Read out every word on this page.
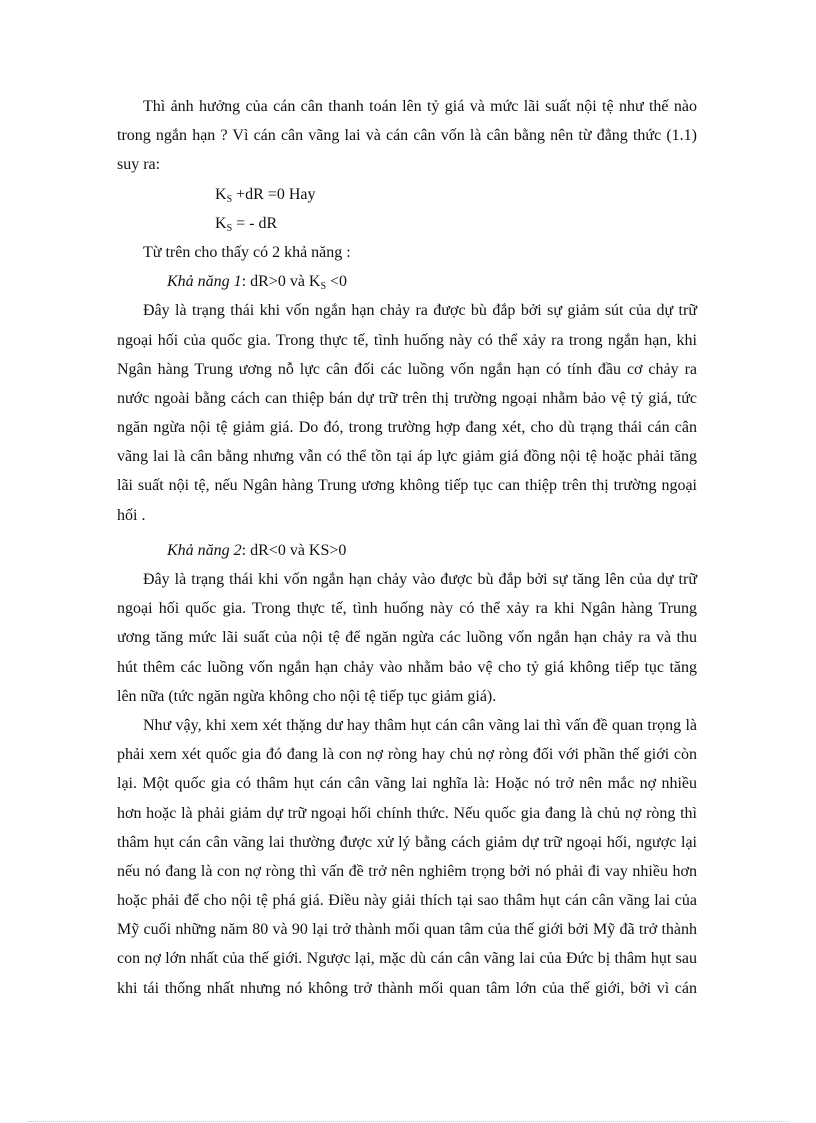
Thì ảnh hưởng của cán cân thanh toán lên tỷ giá và mức lãi suất nội tệ như thế nào
trong ngắn hạn ? Vì cán cân vãng lai và cán cân vốn là cân bằng nên từ đẳng thức (1.1)
suy ra:
$K_S +dR =0$ Hay
$K_S$ = - dR
Từ trên cho thấy có 2 khả năng :
Khả năng 1: dR>0 và $K_S <0$
Đây là trạng thái khi vốn ngắn hạn chảy ra được bù đắp bởi sự giảm sút của dự trữ
ngoại hối của quốc gia. Trong thực tế, tình huống này có thể xảy ra trong ngắn hạn, khi
Ngân hàng Trung ương nỗ lực cân đối các luồng vốn ngắn hạn có tính đầu cơ chảy ra
nước ngoài bằng cách can thiệp bán dự trữ trên thị trường ngoại nhằm bảo vệ tỷ giá, tức
ngăn ngừa nội tệ giảm giá. Do đó, trong trường hợp đang xét, cho dù trạng thái cán cân
vãng lai là cân bằng nhưng vẫn có thể tồn tại áp lực giảm giá đồng nội tệ hoặc phải tăng
lãi suất nội tệ, nếu Ngân hàng Trung ương không tiếp tục can thiệp trên thị trường ngoại
hối .
Khả năng 2: dR<0 và KS>0
Đây là trạng thái khi vốn ngắn hạn chảy vào được bù đắp bởi sự tăng lên của dự trữ
ngoại hối quốc gia. Trong thực tế, tình huống này có thể xảy ra khi Ngân hàng Trung
ương tăng mức lãi suất của nội tệ để ngăn ngừa các luồng vốn ngắn hạn chảy ra và thu
hút thêm các luồng vốn ngắn hạn chảy vào nhằm bảo vệ cho tỷ giá không tiếp tục tăng
lên nữa (tức ngăn ngừa không cho nội tệ tiếp tục giảm giá).
Như vậy, khi xem xét thặng dư hay thâm hụt cán cân vãng lai thì vấn đề quan trọng là
phải xem xét quốc gia đó đang là con nợ ròng hay chủ nợ ròng đối với phần thế giới còn
lại. Một quốc gia có thâm hụt cán cân vãng lai nghĩa là: Hoặc nó trở nên mắc nợ nhiều
hơn hoặc là phải giảm dự trữ ngoại hối chính thức. Nếu quốc gia đang là chủ nợ ròng thì
thâm hụt cán cân vãng lai thường được xử lý bằng cách giảm dự trữ ngoại hối, ngược lại
nếu nó đang là con nợ ròng thì vấn đề trở nên nghiêm trọng bởi nó phải đi vay nhiều hơn
hoặc phải để cho nội tệ phá giá. Điều này giải thích tại sao thâm hụt cán cân vãng lai của
Mỹ cuối những năm 80 và 90 lại trở thành mối quan tâm của thế giới bởi Mỹ đã trở thành
con nợ lớn nhất của thế giới. Ngược lại, mặc dù cán cân vãng lai của Đức bị thâm hụt sau
khi tái thống nhất nhưng nó không trở thành mối quan tâm lớn của thế giới, bởi vì cán
